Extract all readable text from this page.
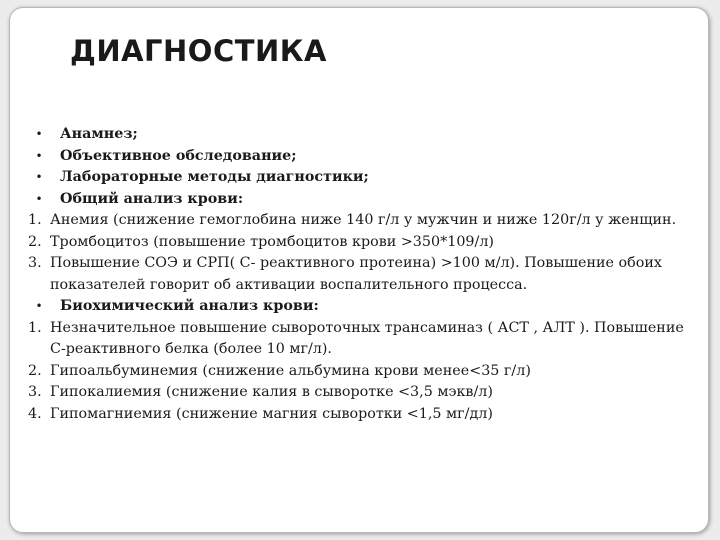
ДИАГНОСТИКА
•	Анамнез;
•	Объективное обследование;
•	Лабораторные методы диагностики;
•	Общий анализ крови:
1. Анемия (снижение гемоглобина ниже 140 г/л у мужчин и ниже 120г/л у женщин.
2. Тромбоцитоз (повышение тромбоцитов крови >350*109/л)
3. Повышение СОЭ и СРП( С- реактивного протеина) >100 м/л). Повышение обоих показателей говорит об активации воспалительного процесса.
•	Биохимический анализ крови:
1. Незначительное повышение сывороточных трансаминаз ( АСТ , АЛТ ). Повышение С-реактивного белка (более 10 мг/л).
2. Гипоальбуминемия (снижение альбумина крови менее<35 г/л)
3. Гипокалиемия (снижение калия в сыворотке <3,5 мэкв/л)
4. Гипомагниемия (снижение магния сыворотки <1,5 мг/дл)
